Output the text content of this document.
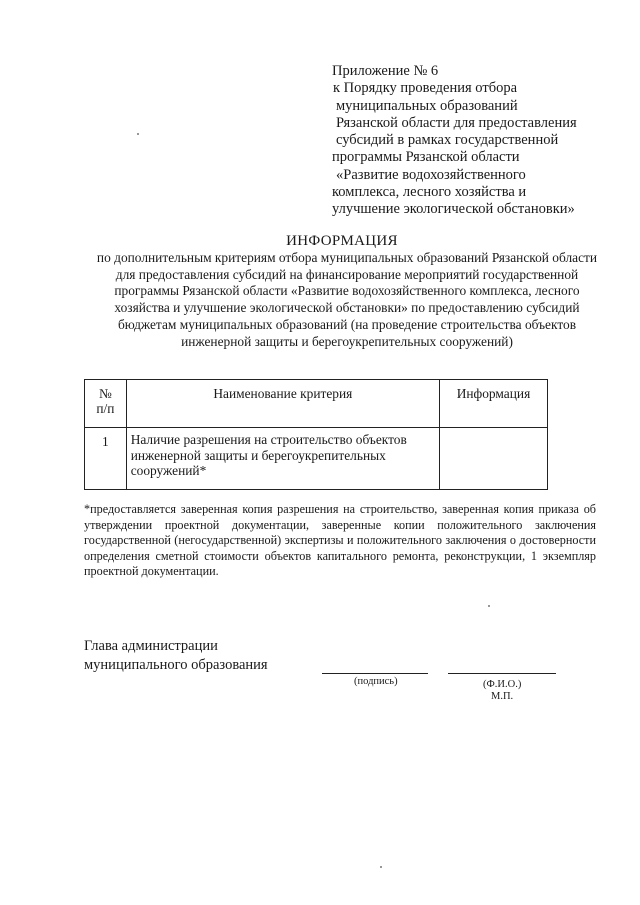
Приложение № 6
к Порядку проведения отбора
муниципальных образований
Рязанской области для предоставления
субсидий в рамках государственной
программы Рязанской области
«Развитие водохозяйственного
комплекса, лесного хозяйства и
улучшение экологической обстановки»
ИНФОРМАЦИЯ
по дополнительным критериям отбора муниципальных образований Рязанской области для предоставления субсидий на финансирование мероприятий государственной программы Рязанской области «Развитие водохозяйственного комплекса, лесного хозяйства и улучшение экологической обстановки» по предоставлению субсидий бюджетам муниципальных образований (на проведение строительства объектов инженерной защиты и берегоукрепительных сооружений)
№
п/п	Наименование критерия	Информация
1	Наличие разрешения на строительство объектов инженерной защиты и берегоукрепительных сооружений*	
*предоставляется заверенная копия разрешения на строительство, заверенная копия приказа об утверждении проектной документации, заверенные копии положительного заключения государственной (негосударственной) экспертизы и положительного заключения о достоверности определения сметной стоимости объектов капитального ремонта, реконструкции, 1 экземпляр проектной документации.
Глава администрации
муниципального образования
(подпись)	(Ф.И.О.)
М.П.
